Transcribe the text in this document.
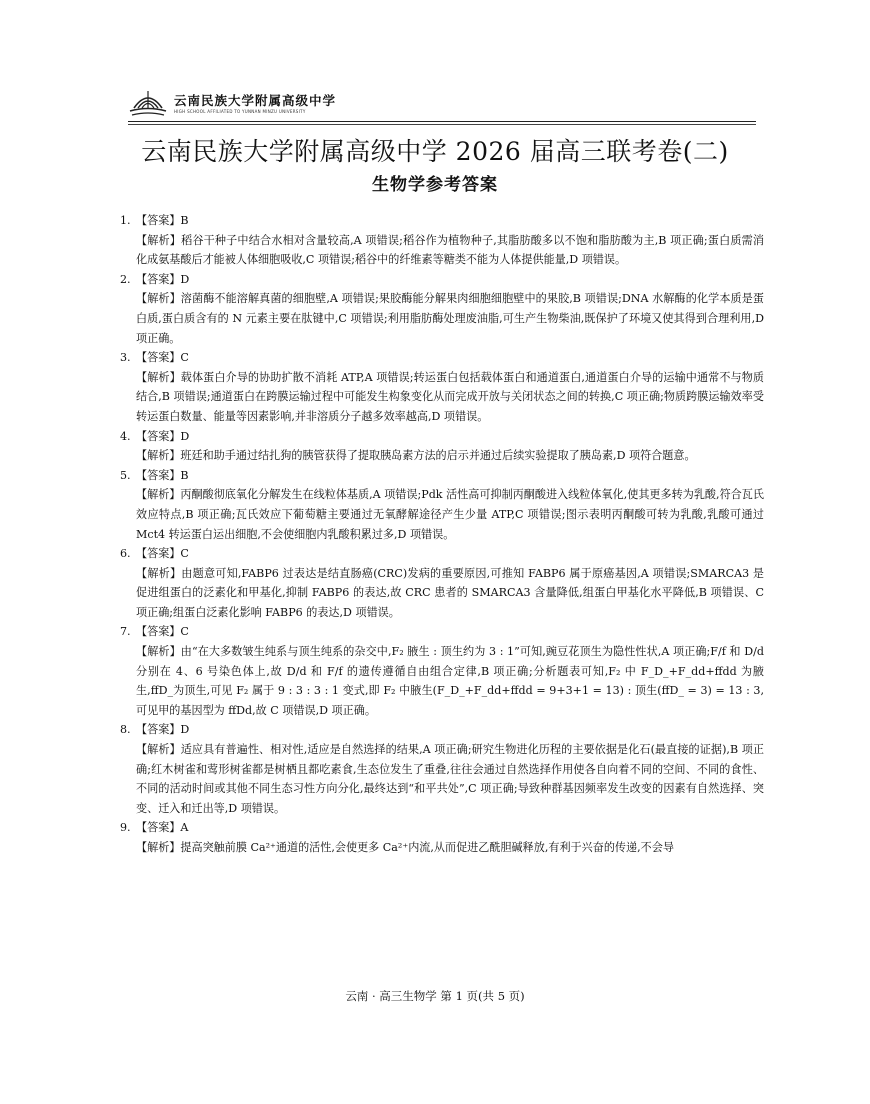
云南民族大学附属高级中学
HIGH SCHOOL AFFILIATED TO YUNNAN MINZU UNIVERSITY
云南民族大学附属高级中学 2026 届高三联考卷(二)
生物学参考答案
1. 【答案】B
【解析】稻谷干种子中结合水相对含量较高,A 项错误;稻谷作为植物种子,其脂肪酸多以不饱和脂肪酸为主,B 项正确;蛋白质需消化成氨基酸后才能被人体细胞吸收,C 项错误;稻谷中的纤维素等糖类不能为人体提供能量,D 项错误。
2. 【答案】D
【解析】溶菌酶不能溶解真菌的细胞壁,A 项错误;果胶酶能分解果肉细胞细胞壁中的果胶,B 项错误;DNA 水解酶的化学本质是蛋白质,蛋白质含有的 N 元素主要在肽键中,C 项错误;利用脂肪酶处理废油脂,可生产生物柴油,既保护了环境又使其得到合理利用,D 项正确。
3. 【答案】C
【解析】载体蛋白介导的协助扩散不消耗 ATP,A 项错误;转运蛋白包括载体蛋白和通道蛋白,通道蛋白介导的运输中通常不与物质结合,B 项错误;通道蛋白在跨膜运输过程中可能发生构象变化从而完成开放与关闭状态之间的转换,C 项正确;物质跨膜运输效率受转运蛋白数量、能量等因素影响,并非溶质分子越多效率越高,D 项错误。
4. 【答案】D
【解析】班廷和助手通过结扎狗的胰管获得了提取胰岛素方法的启示并通过后续实验提取了胰岛素,D 项符合题意。
5. 【答案】B
【解析】丙酮酸彻底氧化分解发生在线粒体基质,A 项错误;Pdk 活性高可抑制丙酮酸进入线粒体氧化,使其更多转为乳酸,符合瓦氏效应特点,B 项正确;瓦氏效应下葡萄糖主要通过无氧酵解途径产生少量 ATP,C 项错误;图示表明丙酮酸可转为乳酸,乳酸可通过 Mct4 转运蛋白运出细胞,不会使细胞内乳酸积累过多,D 项错误。
6. 【答案】C
【解析】由题意可知,FABP6 过表达是结直肠癌(CRC)发病的重要原因,可推知 FABP6 属于原癌基因,A 项错误;SMARCA3 是促进组蛋白的泛素化和甲基化,抑制 FABP6 的表达,故 CRC 患者的 SMARCA3 含量降低,组蛋白甲基化水平降低,B 项错误、C 项正确;组蛋白泛素化影响 FABP6 的表达,D 项错误。
7. 【答案】C
【解析】由“在大多数皱生纯系与顶生纯系的杂交中,F₂ 腋生 : 顶生约为 3 : 1”可知,豌豆花顶生为隐性性状,A 项正确;F/f 和 D/d 分别在 4、6 号染色体上,故 D/d 和 F/f 的遗传遵循自由组合定律,B 项正确;分析题表可知,F₂ 中 F_D_+F_dd+ffdd 为腋生,ffD_为顶生,可见 F₂ 属于 9 : 3 : 3 : 1 变式,即 F₂ 中腋生(F_D_+F_dd+ffdd = 9+3+1 = 13) : 顶生(ffD_ = 3) = 13 : 3,可见甲的基因型为 ffDd,故 C 项错误,D 项正确。
8. 【答案】D
【解析】适应具有普遍性、相对性,适应是自然选择的结果,A 项正确;研究生物进化历程的主要依据是化石(最直接的证据),B 项正确;红木树雀和莺形树雀都是树栖且都吃素食,生态位发生了重叠,往往会通过自然选择作用使各自向着不同的空间、不同的食性、不同的活动时间或其他不同生态习性方向分化,最终达到“和平共处”,C 项正确;导致种群基因频率发生改变的因素有自然选择、突变、迁入和迁出等,D 项错误。
9. 【答案】A
【解析】提高突触前膜 Ca²⁺通道的活性,会使更多 Ca²⁺内流,从而促进乙酰胆碱释放,有利于兴奋的传递,不会导
云南 · 高三生物学 第 1 页(共 5 页)
